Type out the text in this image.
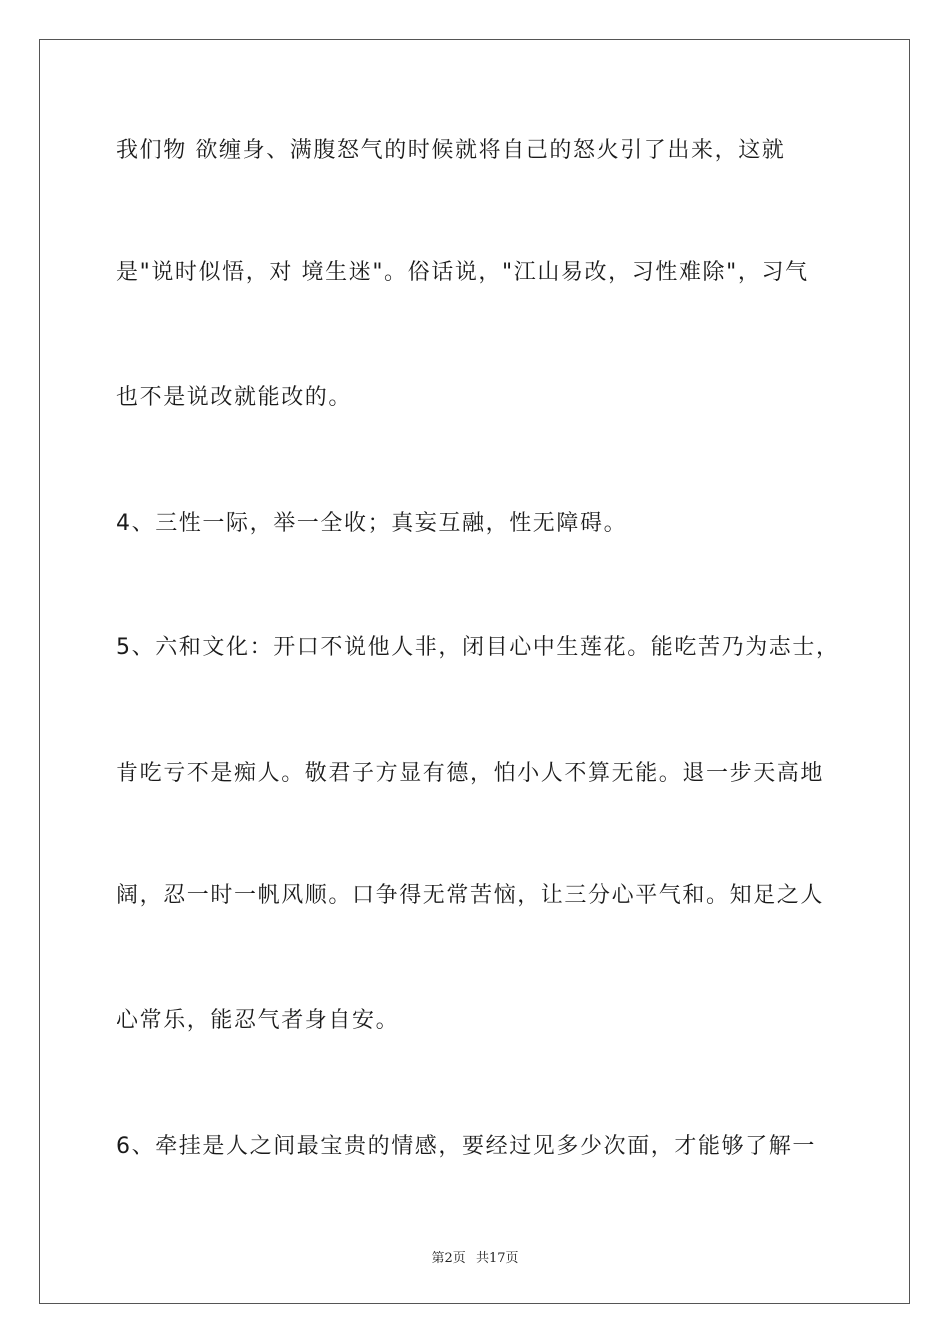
我们物 欲缠身、满腹怒气的时候就将自己的怒火引了出来，这就
是"说时似悟，对 境生迷"。俗话说，"江山易改，习性难除"，习气
也不是说改就能改的。
4、三性一际，举一全收；真妄互融，性无障碍。
5、六和文化：开口不说他人非，闭目心中生莲花。能吃苦乃为志士，
肯吃亏不是痴人。敬君子方显有德，怕小人不算无能。退一步天高地
阔，忍一时一帆风顺。口争得无常苦恼，让三分心平气和。知足之人
心常乐，能忍气者身自安。
6、牵挂是人之间最宝贵的情感，要经过见多少次面，才能够了解一
第2页 共17页
